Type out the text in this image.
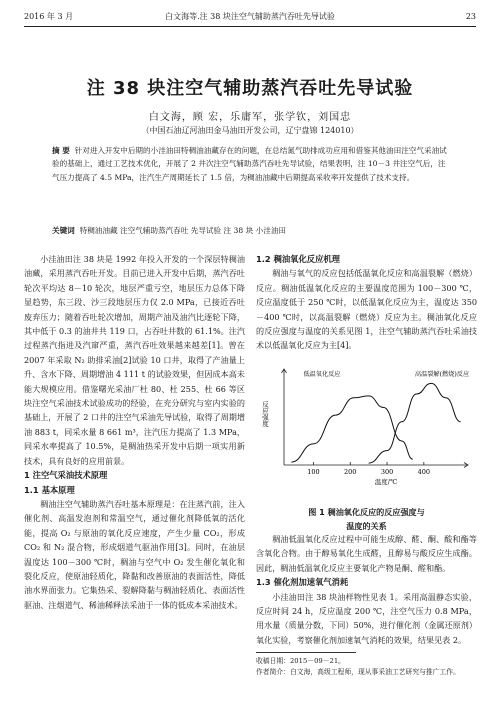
2016 年 3 月	白文海等.注 38 块注空气辅助蒸汽吞吐先导试验	23
注 38 块注空气辅助蒸汽吞吐先导试验
白文海，顾 宏，乐庸军，张学钦，刘国忠
（中国石油辽河油田金马油田开发公司，辽宁盘锦 124010）

摘 要 针对进入开发中后期的小洼油田特稠油油藏存在的问题，在总结氮气助排成功应用和借鉴其他油田注空气采油试验的基础上，通过工艺技术优化，开展了 2 井次注空气辅助蒸汽吞吐先导试验，结果表明，注 10－3 井注空气后，注气压力提高了 4.5 MPa，注汽生产周期延长了 1.5 倍，为稠油油藏中后期提高采收率开发提供了技术支持。

关键词 特稠油油藏 注空气辅助蒸汽吞吐 先导试验 注 38 块 小洼油田

小洼油田注 38 块是 1992 年投入开发的一个深层特稠油油藏，采用蒸汽吞吐开发。目前已进入开发中后期，蒸汽吞吐轮次平均达 8－10 轮次，地层严重亏空，地层压力总体下降显趋势，东三段、沙三段地层压力仅 2.0 MPa，已接近吞吐废弃压力；随着吞吐轮次增加，周期产油及油汽比逐轮下降，其中低于 0.3 的油井共 119 口，占吞吐井数的 61.1%。注汽过程蒸汽指进及汽窜严重，蒸汽吞吐效果越来越差[1]。曾在 2007 年采取 N₂ 助排采油[2]试验 10 口井，取得了产油量上升、含水下降、周期增油 4 111 t 的试验效果，但因成本高未能大规模应用。借鉴曙光采油厂杜 80、杜 255、杜 66 等区块注空气采油技术试验成功的经验，在充分研究与室内实验的基础上，开展了 2 口井的注空气采油先导试验，取得了周期增油 883 t，同采水量 8 661 m³，注汽压力提高了 1.3 MPa，同采水率提高了 10.5%，是稠油热采开发中后期一项实用新技术，具有良好的应用前景。

1 注空气采油技术原理

1.1 基本原理

稠油注空气辅助蒸汽吞吐基本原理是：在注蒸汽前，注入催化剂、高温发泡剂和常温空气，通过催化剂降低氧的活化能，提高 O₂ 与原油的氧化反应速度，产生少量 CO₂，形成 CO₂ 和 N₂ 混合物，形成烟道气驱油作用[3]。同时，在油层温度达 100－300 ℃时，稠油与空气中 O₂ 发生催化氧化和裂化反应，使原油轻质化，降黏和改善原油的表面活性，降低油水界面张力。它集热采、裂解降黏与稠油轻质化、表面活性驱油、注烟道气、稀油稀释法采油于一体的低成本采油技术。

1.2 稠油氧化反应机理

稠油与氧气的反应包括低温氧化反应和高温裂解（燃烧）反应。稠油低温氧化反应的主要温度范围为 100－300 ℃，反应温度低于 250 ℃时，以低温氧化反应为主，温度达 350－400 ℃时，以高温裂解（燃烧）反应为主。稠油氧化反应的反应强度与温度的关系见图 1，注空气辅助蒸汽吞吐采油技术以低温氧化反应为主[4]。

100	200	300	400
温度/℃
反应强度
低温氧化反应	高温裂解(燃烧)反应
图 1 稠油氧化反应的反应强度与
温度的关系

稠油低温氧化反应过程中可能生成醇、醛、酮、酸和酯等含氧化合物。由于醇易氧化生成醛，且醇易与酸反应生成酯。因此，稠油低温氧化反应主要氧化产物是酮、醛和酯。

1.3 催化剂加速氧气消耗

小洼油田注 38 块油样物性见表 1。采用高温静态实验，反应时间 24 h，反应温度 200 ℃，注空气压力 0.8 MPa，用水量（质量分数，下同）50%，进行催化剂（金属还原剂）氧化实验，考察催化剂加速氧气消耗的效果，结果见表 2。

收稿日期：2015－09－21。

作者简介：白文海，高级工程师，现从事采油工艺研究与推广工作。
